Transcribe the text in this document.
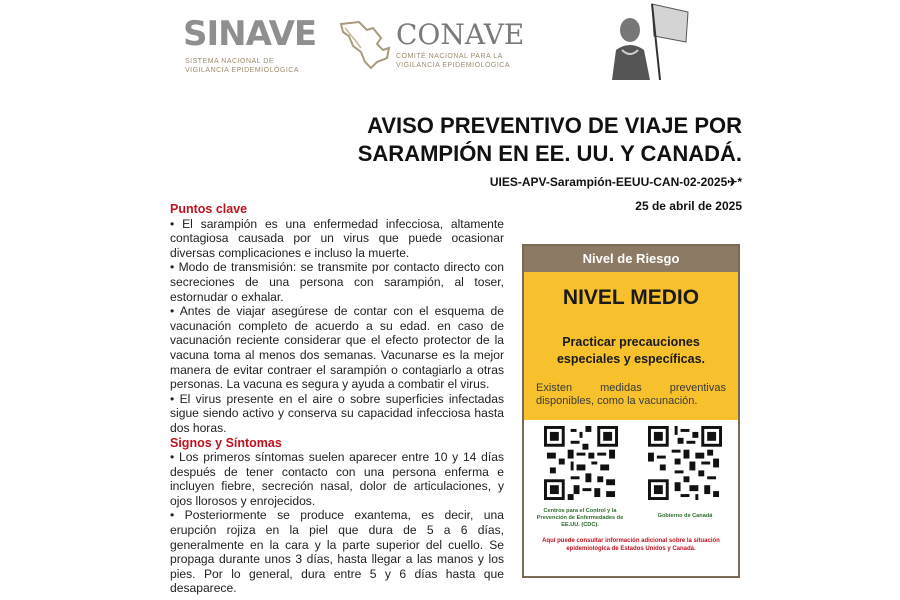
SINAVE
SISTEMA NACIONAL DE
VIGILANCIA EPIDEMIOLÓGICA
CONAVE
COMITÉ NACIONAL PARA LA
VIGILANCIA EPIDEMIOLÓGICA
AVISO PREVENTIVO DE VIAJE POR
SARAMPIÓN EN EE. UU. Y CANADÁ.
UIES-APV-Sarampión-EEUU-CAN-02-2025✈*
25 de abril de 2025
Puntos clave

• El sarampión es una enfermedad infecciosa, altamente contagiosa causada por un virus que puede ocasionar diversas complicaciones e incluso la muerte.

• Modo de transmisión: se transmite por contacto directo con secreciones de una persona con sarampión, al toser, estornudar o exhalar.

• Antes de viajar asegúrese de contar con el esquema de vacunación completo de acuerdo a su edad. en caso de vacunación reciente considerar que el efecto protector de la vacuna toma al menos dos semanas. Vacunarse es la mejor manera de evitar contraer el sarampión o contagiarlo a otras personas. La vacuna es segura y ayuda a combatir el virus.

• El virus presente en el aire o sobre superficies infectadas sigue siendo activo y conserva su capacidad infecciosa hasta dos horas.

Signos y Síntomas

• Los primeros síntomas suelen aparecer entre 10 y 14 días después de tener contacto con una persona enferma e incluyen fiebre, secreción nasal, dolor de articulaciones, y ojos llorosos y enrojecidos.

• Posteriormente se produce exantema, es decir, una erupción rojiza en la piel que dura de 5 a 6 días, generalmente en la cara y la parte superior del cuello. Se propaga durante unos 3 días, hasta llegar a las manos y los pies. Por lo general, dura entre 5 y 6 días hasta que desaparece.

Nivel de Riesgo
NIVEL MEDIO
Practicar precauciones especiales y específicas.
Existen medidas preventivas disponibles, como la vacunación.
Centros para el Control y la Prevención de Enfermedades de EE.UU. (CDC).
Gobierno de Canadá
Aquí puede consultar información adicional sobre la situación epidemiológica de Estados Unidos y Canadá.
